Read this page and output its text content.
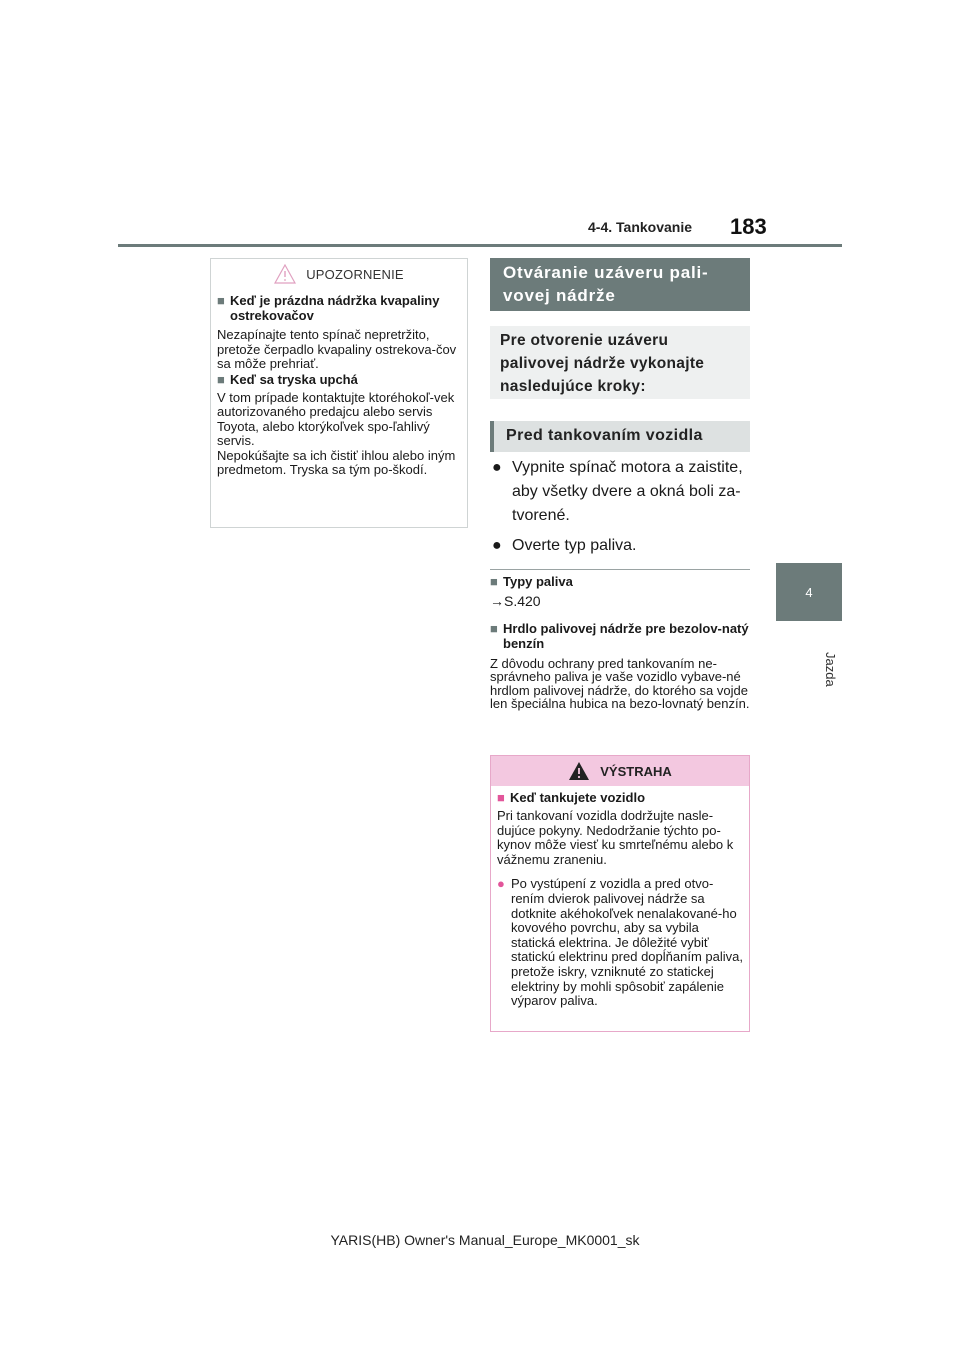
4-4. Tankovanie 183
4
Jazda
UPOZORNENIE
■ Keď je prázdna nádržka kvapaliny ostrekovačov

Nezapínajte tento spínač nepretržito, pretože čerpadlo kvapaliny ostrekova-čov sa môže prehriať.

■ Keď sa tryska upchá

V tom prípade kontaktujte ktoréhokoľ-vek autorizovaného predajcu alebo servis Toyota, alebo ktorýkoľvek spo-ľahlivý servis.

Nepokúšajte sa ich čistiť ihlou alebo iným predmetom. Tryska sa tým po-škodí.

Otváranie uzáveru pali-vovej nádrže
Pre otvorenie uzáveru palivovej nádrže vykonajte nasledujúce kroky:
Pred tankovaním vozidla
● Vypnite spínač motora a zaistite, aby všetky dvere a okná boli za-tvorené.
● Overte typ paliva.
■ Typy paliva

→S.420

■ Hrdlo palivovej nádrže pre bezolov-natý benzín

Z dôvodu ochrany pred tankovaním ne-správneho paliva je vaše vozidlo vybave-né hrdlom palivovej nádrže, do ktorého sa vojde len špeciálna hubica na bezo-lovnatý benzín.

VÝSTRAHA
■ Keď tankujete vozidlo

Pri tankovaní vozidla dodržujte nasle-dujúce pokyny. Nedodržanie týchto po-kynov môže viesť ku smrteľnému alebo k vážnemu zraneniu.

● Po vystúpení z vozidla a pred otvo-rením dvierok palivovej nádrže sa dotknite akéhokoľvek nenalakované-ho kovového povrchu, aby sa vybila statická elektrina. Je dôležité vybiť statickú elektrinu pred dopĺňaním paliva, pretože iskry, vzniknuté zo statickej elektriny by mohli spôsobiť zapálenie výparov paliva.
YARIS(HB) Owner's Manual_Europe_MK0001_sk
